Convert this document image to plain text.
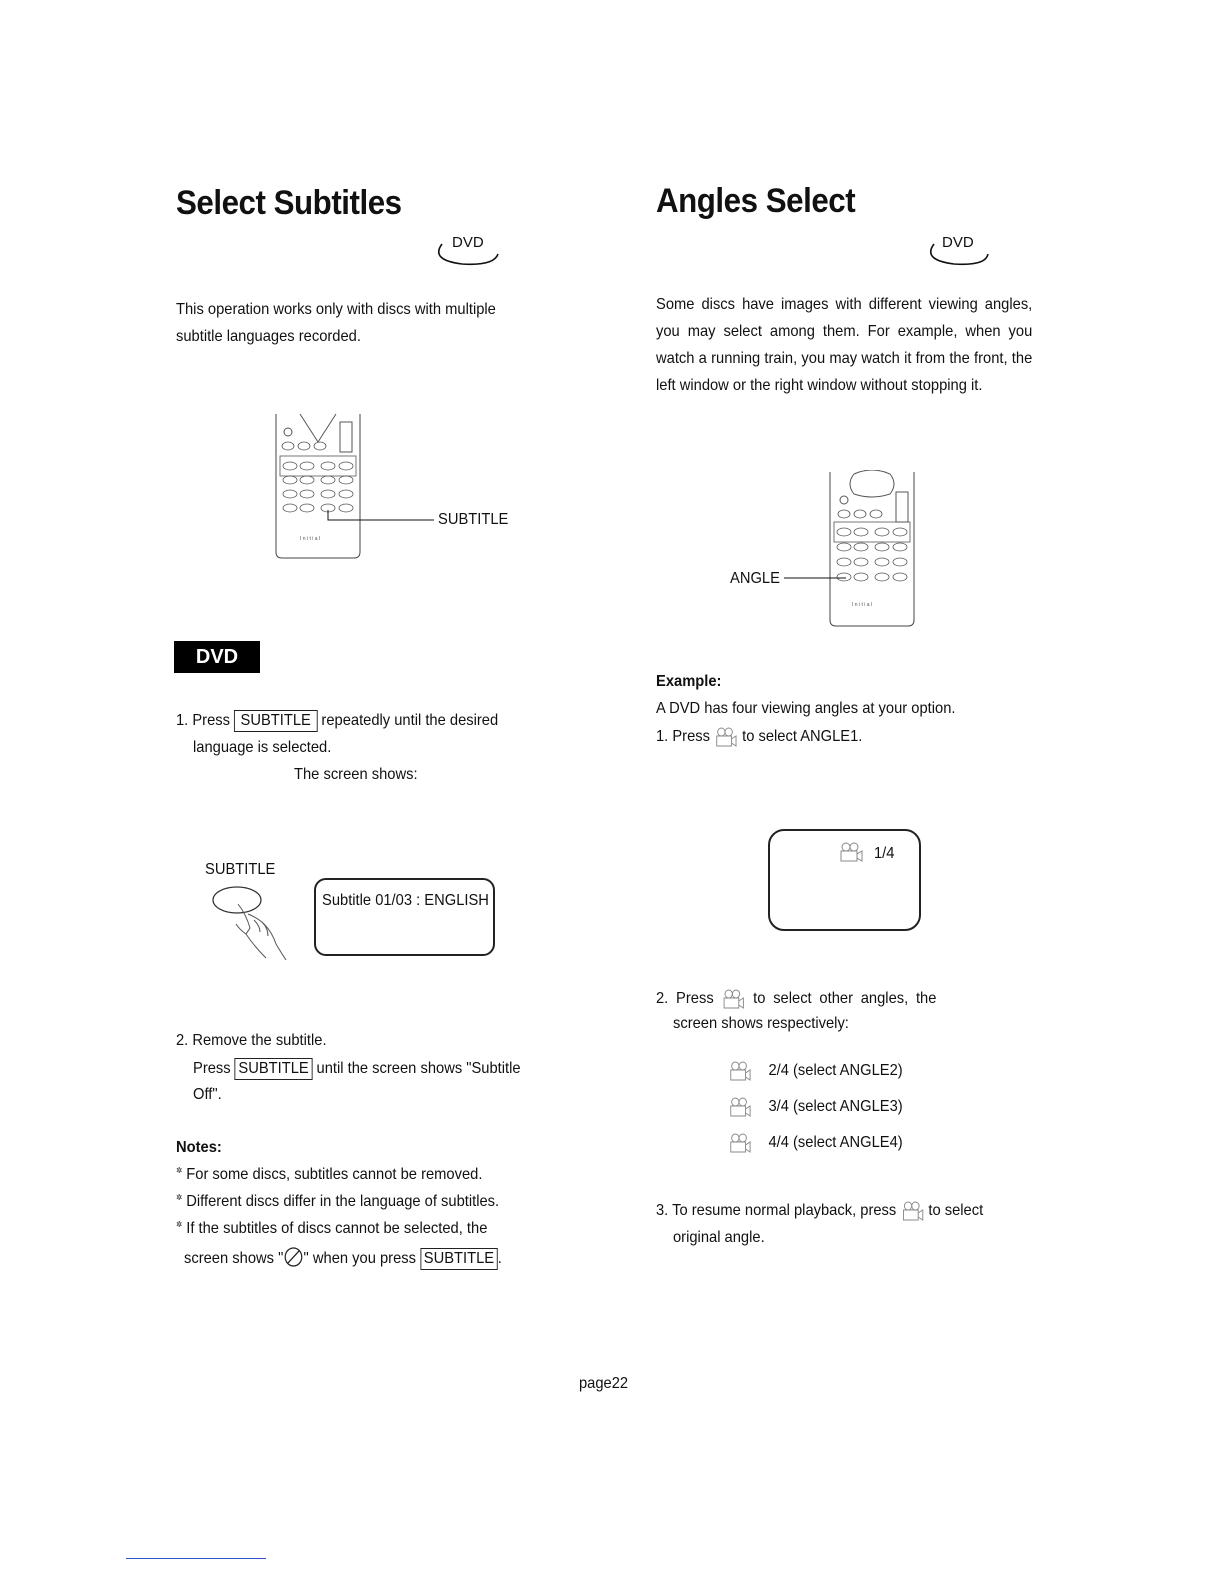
Select Subtitles
DVD
This operation works only with discs with multiple subtitle languages recorded.
I n i t i a l
SUBTITLE
DVD
1. Press SUBTITLE repeatedly until the desired
language is selected.
The screen shows:
SUBTITLE
Subtitle 01/03 : ENGLISH
2. Remove the subtitle.
Press SUBTITLE until the screen shows "Subtitle
Off".
Notes:
✲ For some discs, subtitles cannot be removed.
✲ Different discs differ in the language of subtitles.
✲ If the subtitles of discs cannot be selected, the
screen shows " " when you press SUBTITLE .
Angles Select
DVD
Some discs have images with different viewing angles,
you may select among them. For example, when you
watch a running train, you may watch it from the front, the
left window or the right window without stopping it.
I n i t i a l
ANGLE
Example:
A DVD has four viewing angles at your option.
1. Press to select ANGLE1.
1/4
2. Press to select other angles, the
screen shows respectively:
2/4 (select ANGLE2)
3/4 (select ANGLE3)
4/4 (select ANGLE4)
3. To resume normal playback, press to select
original angle.
page22
